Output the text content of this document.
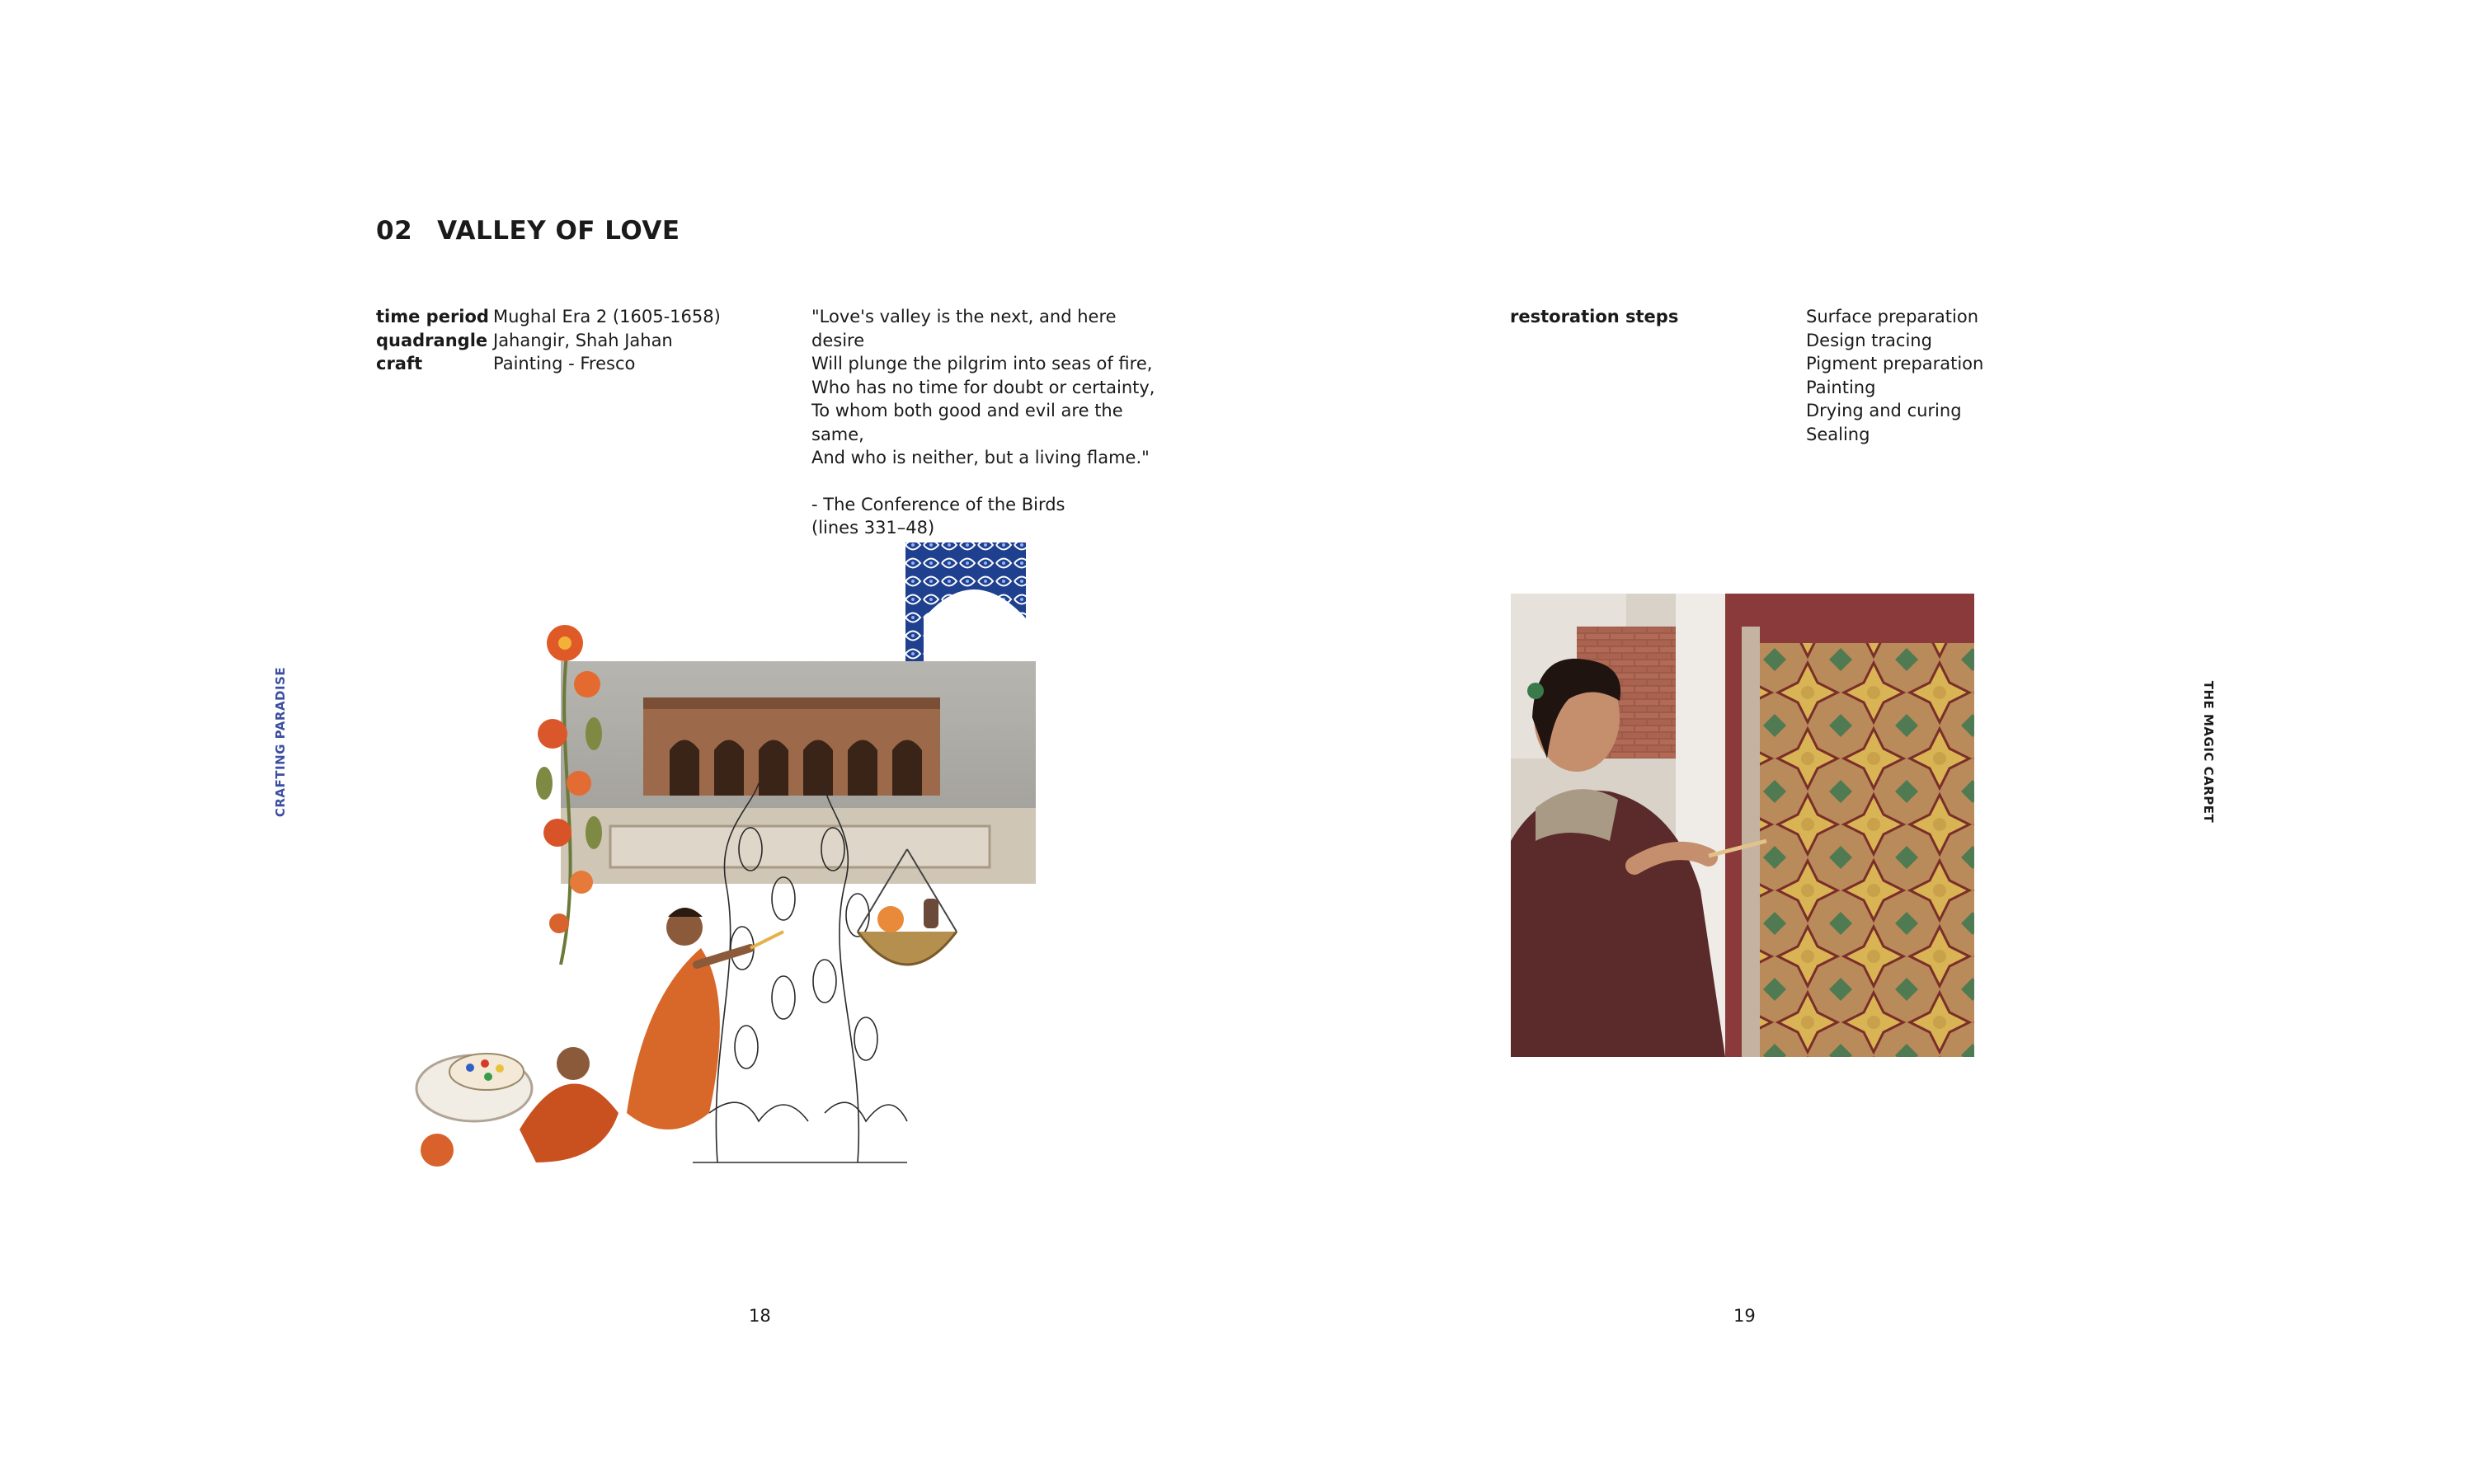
02 VALLEY OF LOVE
time period
quadrangle
craft
Mughal Era 2 (1605-1658)
Jahangir, Shah Jahan
Painting - Fresco

"Love's valley is the next, and here desire

Will plunge the pilgrim into seas of fire,

Who has no time for doubt or certainty,

To whom both good and evil are the

same,

And who is neither, but a living flame."

- The Conference of the Birds

(lines 331–48)

CRAFTING PARADISE
18
restoration steps	Surface preparation
Design tracing
Pigment preparation
Painting
Drying and curing
Sealing
THE MAGIC CARPET
19
